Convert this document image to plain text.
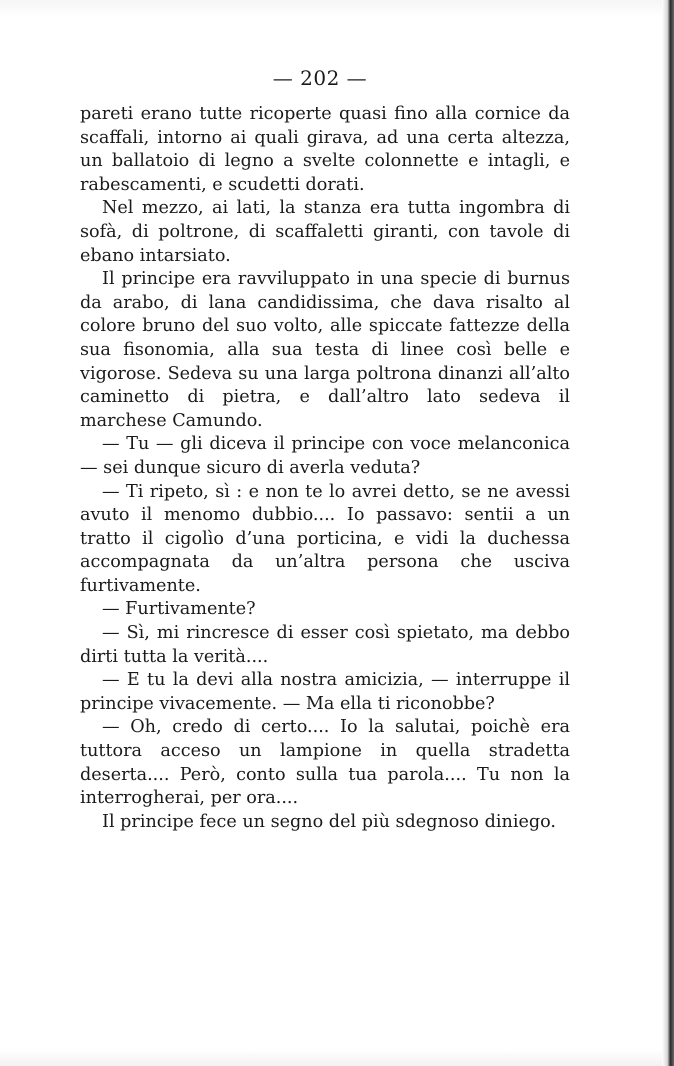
— 202 —

pareti erano tutte ricoperte quasi fino alla cornice da scaffali, intorno ai quali girava, ad una certa altezza, un ballatoio di legno a svelte colonnette e intagli, e rabescamenti, e scudetti dorati.

Nel mezzo, ai lati, la stanza era tutta ingombra di sofà, di poltrone, di scaffaletti giranti, con tavole di ebano intarsiato.

Il principe era ravviluppato in una specie di burnus da arabo, di lana candidissima, che dava risalto al colore bruno del suo volto, alle spiccate fattezze della sua fisonomia, alla sua testa di linee così belle e vigorose. Sedeva su una larga poltrona dinanzi all’alto caminetto di pietra, e dall’altro lato sedeva il marchese Camundo.

— Tu — gli diceva il principe con voce melanconica — sei dunque sicuro di averla veduta?

— Ti ripeto, sì : e non te lo avrei detto, se ne avessi avuto il menomo dubbio.... Io passavo: sentii a un tratto il cigolìo d’una porticina, e vidi la duchessa accompagnata da un’altra persona che usciva furtivamente.

— Furtivamente?

— Sì, mi rincresce di esser così spietato, ma debbo dirti tutta la verità....

— E tu la devi alla nostra amicizia, — interruppe il principe vivacemente. — Ma ella ti riconobbe?

— Oh, credo di certo.... Io la salutai, poichè era tuttora acceso un lampione in quella stradetta deserta.... Però, conto sulla tua parola.... Tu non la interrogherai, per ora....

Il principe fece un segno del più sdegnoso diniego.
